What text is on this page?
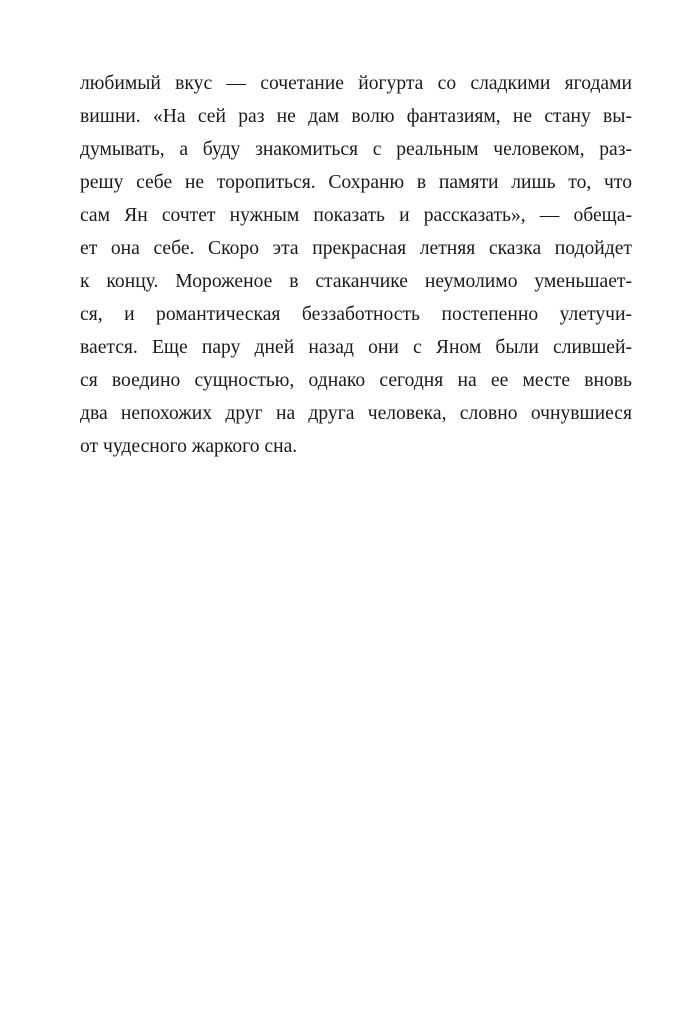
любимый вкус — сочетание йогурта со сладкими ягодами
вишни. «На сей раз не дам волю фантазиям, не стану вы-
думывать, а буду знакомиться с реальным человеком, раз-
решу себе не торопиться. Сохраню в памяти лишь то, что
сам Ян сочтет нужным показать и рассказать», — обеща-
ет она себе. Скоро эта прекрасная летняя сказка подойдет
к концу. Мороженое в стаканчике неумолимо уменьшает-
ся, и романтическая беззаботность постепенно улетучи-
вается. Еще пару дней назад они с Яном были слившей-
ся воедино сущностью, однако сегодня на ее месте вновь
два непохожих друг на друга человека, словно очнувшиеся
от чудесного жаркого сна.
